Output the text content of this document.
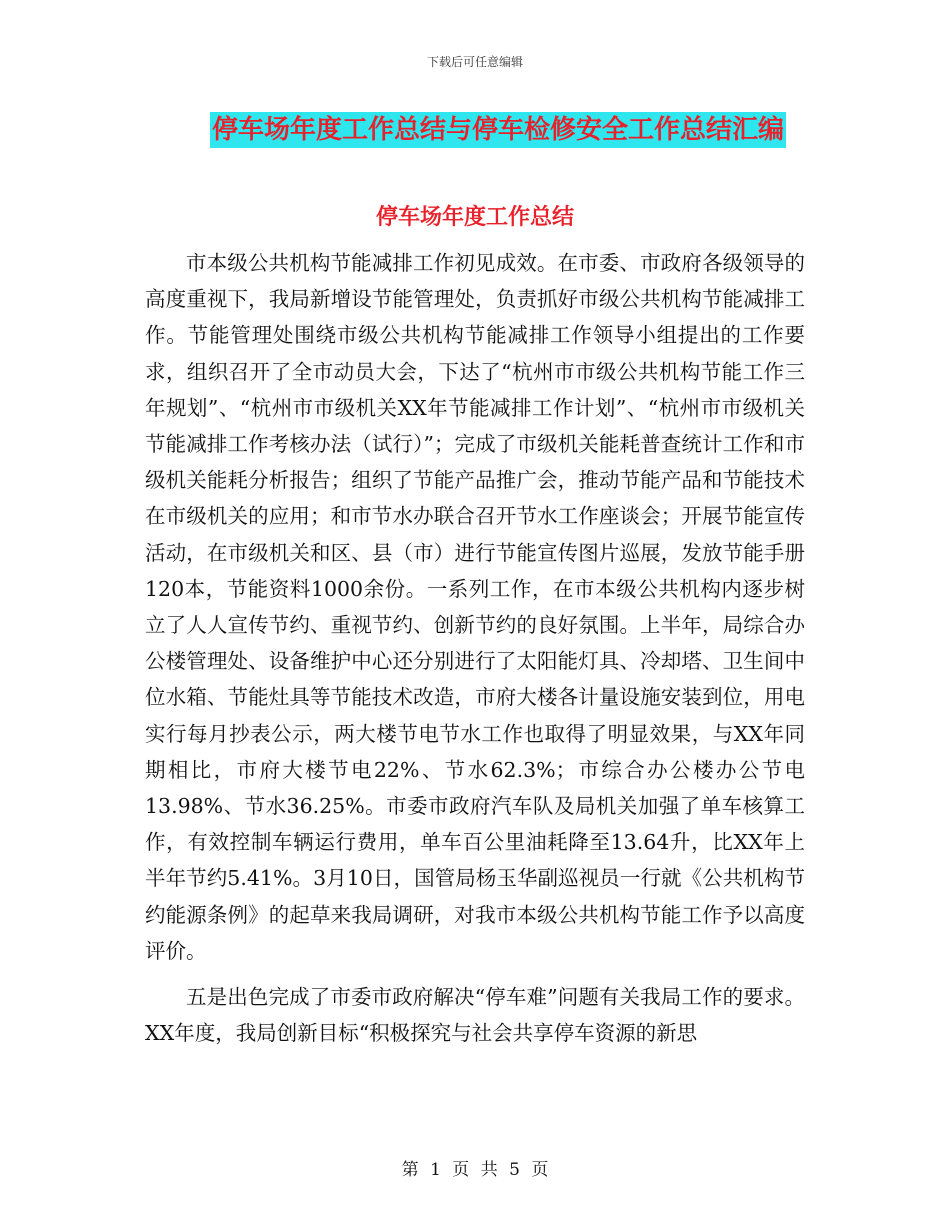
下载后可任意编辑
停车场年度工作总结与停车检修安全工作总结汇编
停车场年度工作总结

市本级公共机构节能减排工作初见成效。在市委、市政府各级领导的高度重视下，我局新增设节能管理处，负责抓好市级公共机构节能减排工作。节能管理处围绕市级公共机构节能减排工作领导小组提出的工作要求，组织召开了全市动员大会，下达了“杭州市市级公共机构节能工作三年规划”、“杭州市市级机关XX年节能减排工作计划”、“杭州市市级机关节能减排工作考核办法（试行）”；完成了市级机关能耗普查统计工作和市级机关能耗分析报告；组织了节能产品推广会，推动节能产品和节能技术在市级机关的应用；和市节水办联合召开节水工作座谈会；开展节能宣传活动，在市级机关和区、县（市）进行节能宣传图片巡展，发放节能手册120本，节能资料1000余份。一系列工作，在市本级公共机构内逐步树立了人人宣传节约、重视节约、创新节约的良好氛围。上半年，局综合办公楼管理处、设备维护中心还分别进行了太阳能灯具、冷却塔、卫生间中位水箱、节能灶具等节能技术改造，市府大楼各计量设施安装到位，用电实行每月抄表公示，两大楼节电节水工作也取得了明显效果，与XX年同期相比，市府大楼节电22%、节水62.3%；市综合办公楼办公节电13.98%、节水36.25%。市委市政府汽车队及局机关加强了单车核算工作，有效控制车辆运行费用，单车百公里油耗降至13.64升，比XX年上半年节约5.41%。3月10日，国管局杨玉华副巡视员一行就《公共机构节约能源条例》的起草来我局调研，对我市本级公共机构节能工作予以高度评价。

五是出色完成了市委市政府解决“停车难”问题有关我局工作的要求。XX年度，我局创新目标“积极探究与社会共享停车资源的新思

第 1 页 共 5 页
